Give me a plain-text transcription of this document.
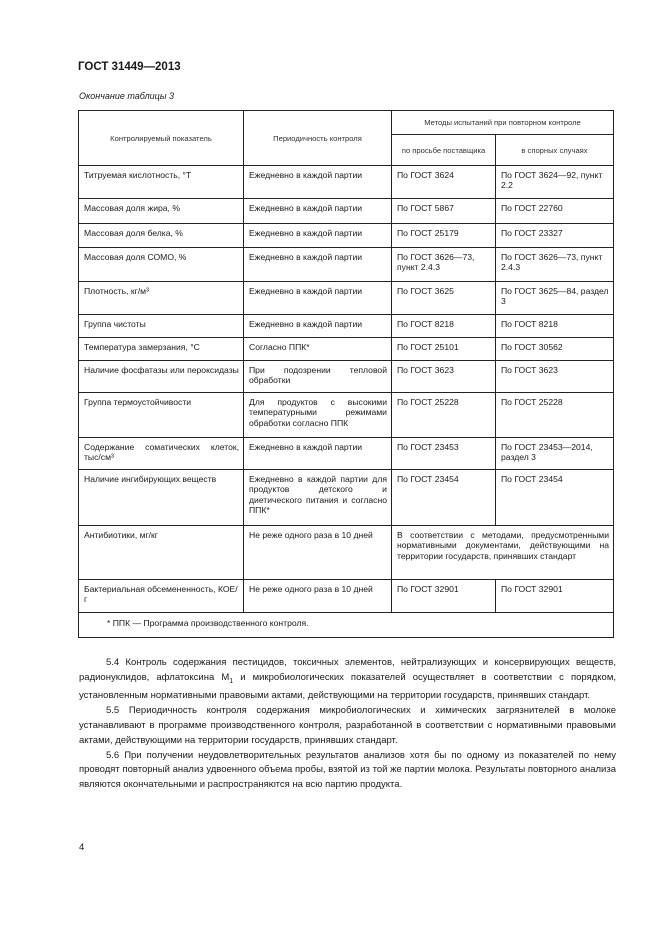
ГОСТ 31449—2013
Окончание таблицы 3
Контролируемый показатель	Периодичность контроля	Методы испытаний при повторном контроле	
		по просьбе поставщика	в спорных случаях
Титруемая кислотность, °Т	Ежедневно в каждой партии	По ГОСТ 3624	По ГОСТ 3624—92, пункт 2.2
Массовая доля жира, %	Ежедневно в каждой партии	По ГОСТ 5867	По ГОСТ 22760
Массовая доля белка, %	Ежедневно в каждой партии	По ГОСТ 25179	По ГОСТ 23327
Массовая доля СОМО, %	Ежедневно в каждой партии	По ГОСТ 3626—73, пункт 2.4.3	По ГОСТ 3626—73, пункт 2.4.3
Плотность, кг/м³	Ежедневно в каждой партии	По ГОСТ 3625	По ГОСТ 3625—84, раздел 3
Группа чистоты	Ежедневно в каждой партии	По ГОСТ 8218	По ГОСТ 8218
Температура замерзания, °С	Согласно ППК*	По ГОСТ 25101	По ГОСТ 30562
Наличие фосфатазы или пероксидазы	При подозрении тепловой обработки	По ГОСТ 3623	По ГОСТ 3623
Группа термоустойчивости	Для продуктов с высокими температурными режимами обработки согласно ППК	По ГОСТ 25228	По ГОСТ 25228
Содержание соматических клеток, тыс/см³	Ежедневно в каждой партии	По ГОСТ 23453	По ГОСТ 23453—2014, раздел 3
Наличие ингибирующих веществ	Ежедневно в каждой партии для продуктов детского и диетического питания и согласно ППК*	По ГОСТ 23454	По ГОСТ 23454
Антибиотики, мг/кг	Не реже одного раза в 10 дней	В соответствии с методами, предусмотренными нормативными документами, действующими на территории государств, принявших стандарт	
Бактериальная обсемененность, КОЕ/г	Не реже одного раза в 10 дней	По ГОСТ 32901	По ГОСТ 32901
* ППК — Программа производственного контроля.			

5.4 Контроль содержания пестицидов, токсичных элементов, нейтрализующих и консервирующих веществ, радионуклидов, афлатоксина $M_1$ и микробиологических показателей осуществляет в соответствии с порядком, установленным нормативными правовыми актами, действующими на территории государств, принявших стандарт.

5.5 Периодичность контроля содержания микробиологических и химических загрязнителей в молоке устанавливают в программе производственного контроля, разработанной в соответствии с нормативными правовыми актами, действующими на территории государств, принявших стандарт.

5.6 При получении неудовлетворительных результатов анализов хотя бы по одному из показателей по нему проводят повторный анализ удвоенного объема пробы, взятой из той же партии молока. Результаты повторного анализа являются окончательными и распространяются на всю партию продукта.

4
